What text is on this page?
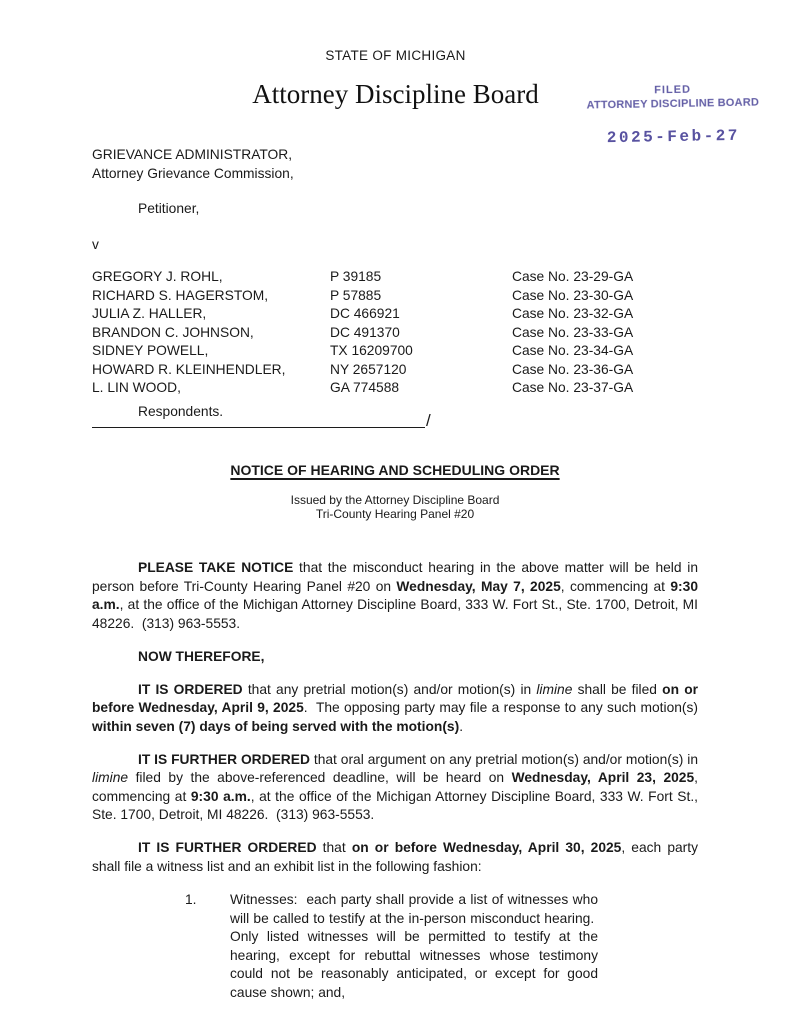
STATE OF MICHIGAN
Attorney Discipline Board	FILED
ATTORNEY DISCIPLINE BOARD
2025-Feb-27
GRIEVANCE ADMINISTRATOR,
Attorney Grievance Commission,
Petitioner,
v
GREGORY J. ROHL,	P 39185	Case No. 23-29-GA
RICHARD S. HAGERSTOM,	P 57885	Case No. 23-30-GA
JULIA Z. HALLER,	DC 466921	Case No. 23-32-GA
BRANDON C. JOHNSON,	DC 491370	Case No. 23-33-GA
SIDNEY POWELL,	TX 16209700	Case No. 23-34-GA
HOWARD R. KLEINHENDLER,	NY 2657120	Case No. 23-36-GA
L. LIN WOOD,	GA 774588	Case No. 23-37-GA
Respondents.	/
NOTICE OF HEARING AND SCHEDULING ORDER
Issued by the Attorney Discipline Board
Tri-County Hearing Panel #20

PLEASE TAKE NOTICE that the misconduct hearing in the above matter will be held in person before Tri-County Hearing Panel #20 on Wednesday, May 7, 2025, commencing at 9:30 a.m., at the office of the Michigan Attorney Discipline Board, 333 W. Fort St., Ste. 1700, Detroit, MI 48226.  (313) 963-5553.

NOW THEREFORE,

IT IS ORDERED that any pretrial motion(s) and/or motion(s) in limine shall be filed on or before Wednesday, April 9, 2025.  The opposing party may file a response to any such motion(s) within seven (7) days of being served with the motion(s).

IT IS FURTHER ORDERED that oral argument on any pretrial motion(s) and/or motion(s) in limine filed by the above-referenced deadline, will be heard on Wednesday, April 23, 2025, commencing at 9:30 a.m., at the office of the Michigan Attorney Discipline Board, 333 W. Fort St., Ste. 1700, Detroit, MI 48226.  (313) 963-5553.

IT IS FURTHER ORDERED that on or before Wednesday, April 30, 2025, each party shall file a witness list and an exhibit list in the following fashion:

1.	Witnesses:  each party shall provide a list of witnesses who will be called to testify at the in-person misconduct hearing.  Only listed witnesses will be permitted to testify at the hearing, except for rebuttal witnesses whose testimony could not be reasonably anticipated, or except for good cause shown; and,
